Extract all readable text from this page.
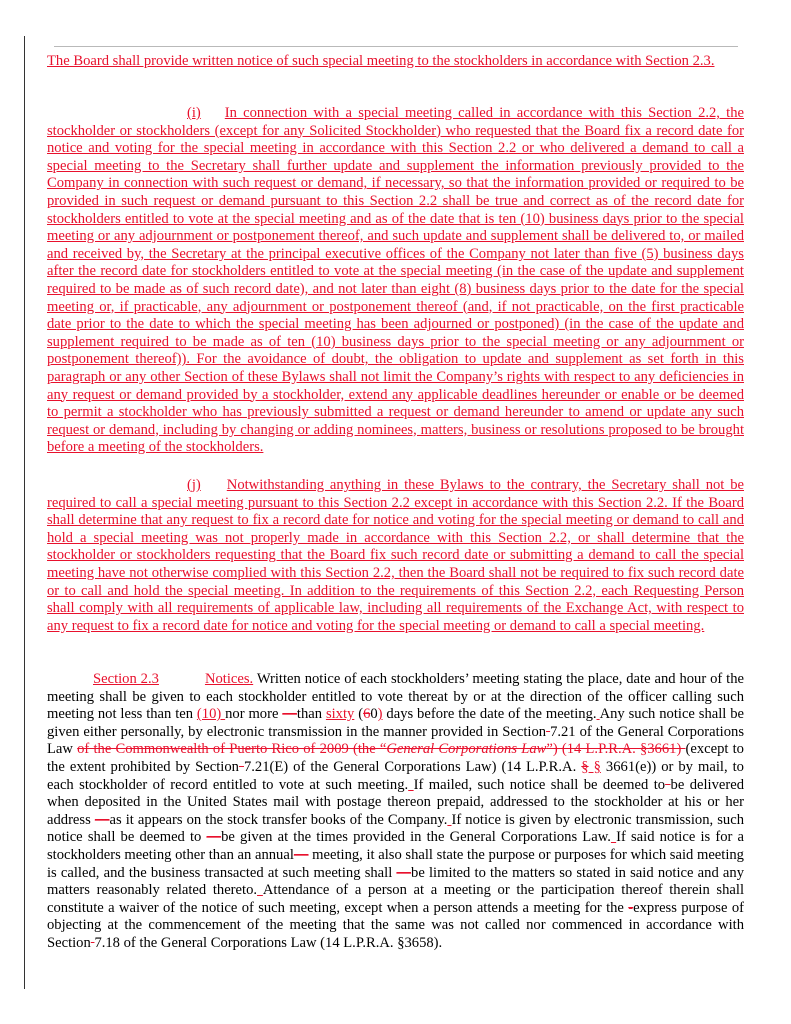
The Board shall provide written notice of such special meeting to the stockholders in accordance with Section 2.3.

(i) In connection with a special meeting called in accordance with this Section 2.2, the stockholder or stockholders (except for any Solicited Stockholder) who requested that the Board fix a record date for notice and voting for the special meeting in accordance with this Section 2.2 or who delivered a demand to call a special meeting to the Secretary shall further update and supplement the information previously provided to the Company in connection with such request or demand, if necessary, so that the information provided or required to be provided in such request or demand pursuant to this Section 2.2 shall be true and correct as of the record date for stockholders entitled to vote at the special meeting and as of the date that is ten (10) business days prior to the special meeting or any adjournment or postponement thereof, and such update and supplement shall be delivered to, or mailed and received by, the Secretary at the principal executive offices of the Company not later than five (5) business days after the record date for stockholders entitled to vote at the special meeting (in the case of the update and supplement required to be made as of such record date), and not later than eight (8) business days prior to the date for the special meeting or, if practicable, any adjournment or postponement thereof (and, if not practicable, on the first practicable date prior to the date to which the special meeting has been adjourned or postponed) (in the case of the update and supplement required to be made as of ten (10) business days prior to the special meeting or any adjournment or postponement thereof)). For the avoidance of doubt, the obligation to update and supplement as set forth in this paragraph or any other Section of these Bylaws shall not limit the Company’s rights with respect to any deficiencies in any request or demand provided by a stockholder, extend any applicable deadlines hereunder or enable or be deemed to permit a stockholder who has previously submitted a request or demand hereunder to amend or update any such request or demand, including by changing or adding nominees, matters, business or resolutions proposed to be brought before a meeting of the stockholders.

(j) Notwithstanding anything in these Bylaws to the contrary, the Secretary shall not be required to call a special meeting pursuant to this Section 2.2 except in accordance with this Section 2.2. If the Board shall determine that any request to fix a record date for notice and voting for the special meeting or demand to call and hold a special meeting was not properly made in accordance with this Section 2.2, or shall determine that the stockholder or stockholders requesting that the Board fix such record date or submitting a demand to call the special meeting have not otherwise complied with this Section 2.2, then the Board shall not be required to fix such record date or to call and hold the special meeting. In addition to the requirements of this Section 2.2, each Requesting Person shall comply with all requirements of applicable law, including all requirements of the Exchange Act, with respect to any request to fix a record date for notice and voting for the special meeting or demand to call a special meeting.

Section 2.3	Notices. Written notice of each stockholders’ meeting stating the place, date and hour of the meeting shall be given to each stockholder entitled to vote thereat by or at the direction of the officer calling such meeting not less than ten (10) nor more —than sixty (60) days before the date of the meeting. Any such notice shall be given either personally, by electronic transmission in the manner provided in Section 7.21 of the General Corporations Law of the Commonwealth of Puerto Rico of 2009 (the “General Corporations Law”) (14 L.P.R.A. §3661) (except to the extent prohibited by Section 7.21(E) of the General Corporations Law) (14 L.P.R.A. § § 3661(e)) or by mail, to each stockholder of record entitled to vote at such meeting. If mailed, such notice shall be deemed to be delivered when deposited in the United States mail with postage thereon prepaid, addressed to the stockholder at his or her address —as it appears on the stock transfer books of the Company. If notice is given by electronic transmission, such notice shall be deemed to —be given at the times provided in the General Corporations Law. If said notice is for a stockholders meeting other than an annual— meeting, it also shall state the purpose or purposes for which said meeting is called, and the business transacted at such meeting shall —be limited to the matters so stated in said notice and any matters reasonably related thereto. Attendance of a person at a meeting or the participation thereof therein shall constitute a waiver of the notice of such meeting, except when a person attends a meeting for the -express purpose of objecting at the commencement of the meeting that the same was not called nor commenced in accordance with Section 7.18 of the General Corporations Law (14 L.P.R.A. §3658).
